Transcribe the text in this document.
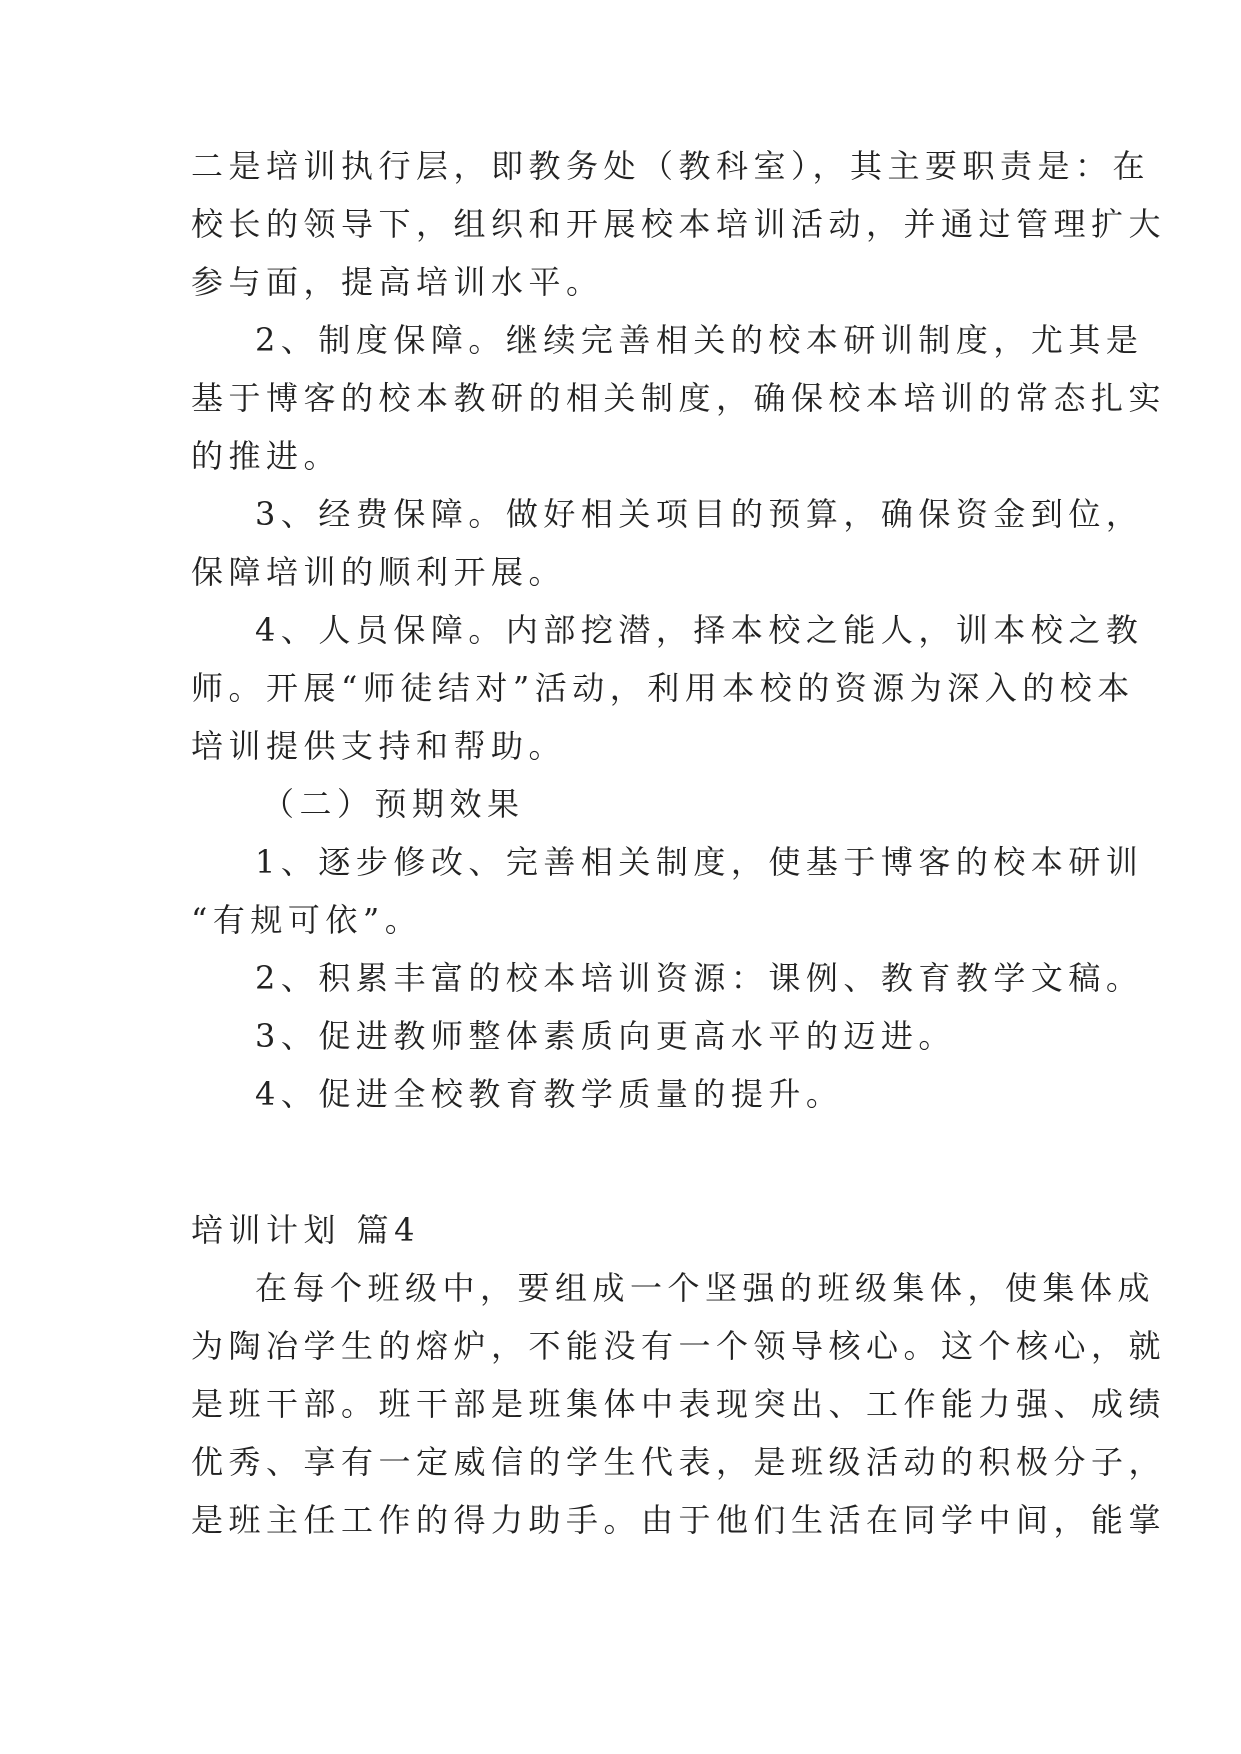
二是培训执行层，即教务处（教科室），其主要职责是：在
校长的领导下，组织和开展校本培训活动，并通过管理扩大
参与面，提高培训水平。
2、制度保障。继续完善相关的校本研训制度，尤其是
基于博客的校本教研的相关制度，确保校本培训的常态扎实
的推进。
3、经费保障。做好相关项目的预算，确保资金到位，
保障培训的顺利开展。
4、人员保障。内部挖潜，择本校之能人，训本校之教
师。开展“师徒结对”活动，利用本校的资源为深入的校本
培训提供支持和帮助。
（二）预期效果
1、逐步修改、完善相关制度，使基于博客的校本研训
“有规可依”。
2、积累丰富的校本培训资源：课例、教育教学文稿。
3、促进教师整体素质向更高水平的迈进。
4、促进全校教育教学质量的提升。
培训计划 篇4
在每个班级中，要组成一个坚强的班级集体，使集体成
为陶冶学生的熔炉，不能没有一个领导核心。这个核心，就
是班干部。班干部是班集体中表现突出、工作能力强、成绩
优秀、享有一定威信的学生代表，是班级活动的积极分子，
是班主任工作的得力助手。由于他们生活在同学中间，能掌
